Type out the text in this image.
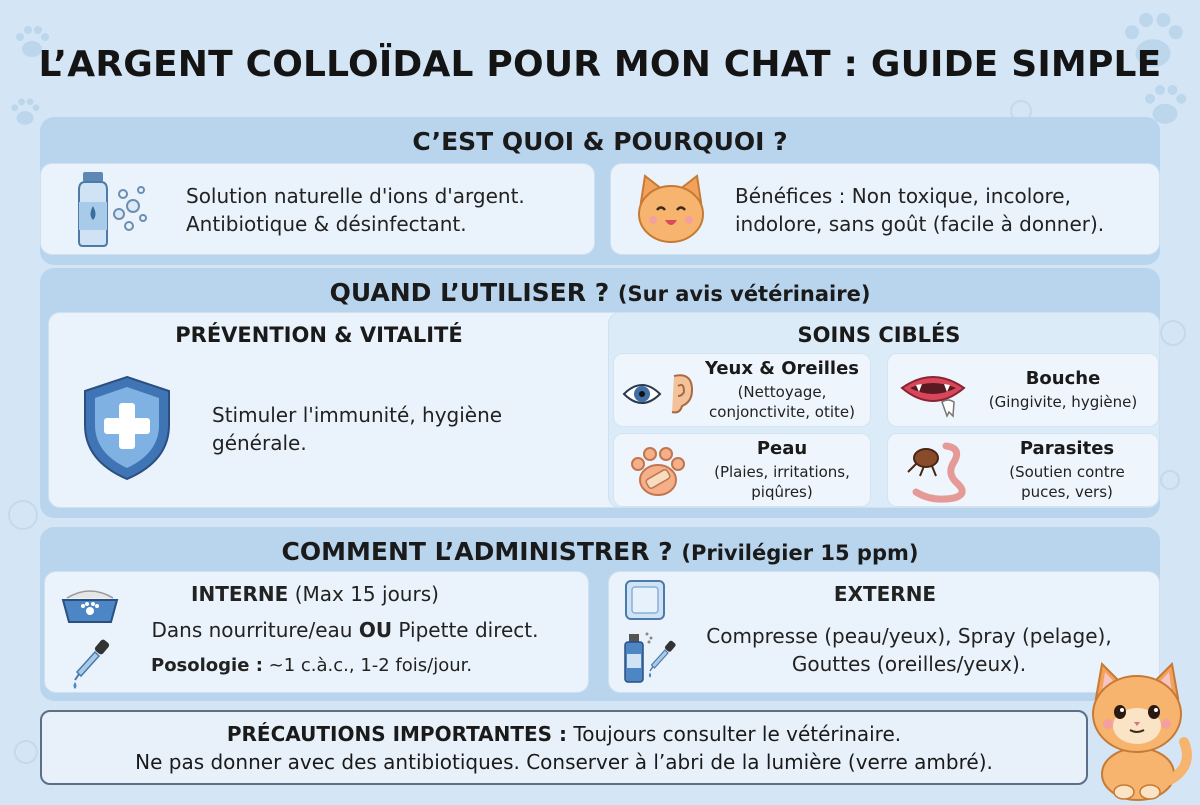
L’ARGENT COLLOÏDAL POUR MON CHAT : GUIDE SIMPLE
C’EST QUOI & POURQUOI ?
Solution naturelle d'ions d'argent.
Antibiotique & désinfectant.
Bénéfices : Non toxique, incolore,
indolore, sans goût (facile à donner).
QUAND L’UTILISER ? (Sur avis vétérinaire)
PRÉVENTION & VITALITÉ
Stimuler l'immunité, hygiène
générale.
SOINS CIBLÉS
Yeux & Oreilles
(Nettoyage,
conjonctivite, otite)
Bouche
(Gingivite, hygiène)
Peau
(Plaies, irritations,
piqûres)
Parasites
(Soutien contre
puces, vers)
COMMENT L’ADMINISTRER ? (Privilégier 15 ppm)
INTERNE (Max 15 jours)
Dans nourriture/eau OU Pipette direct.
Posologie : ~1 c.à.c., 1-2 fois/jour.
EXTERNE
Compresse (peau/yeux), Spray (pelage),
Gouttes (oreilles/yeux).
PRÉCAUTIONS IMPORTANTES : Toujours consulter le vétérinaire.
Ne pas donner avec des antibiotiques. Conserver à l’abri de la lumière (verre ambré).
